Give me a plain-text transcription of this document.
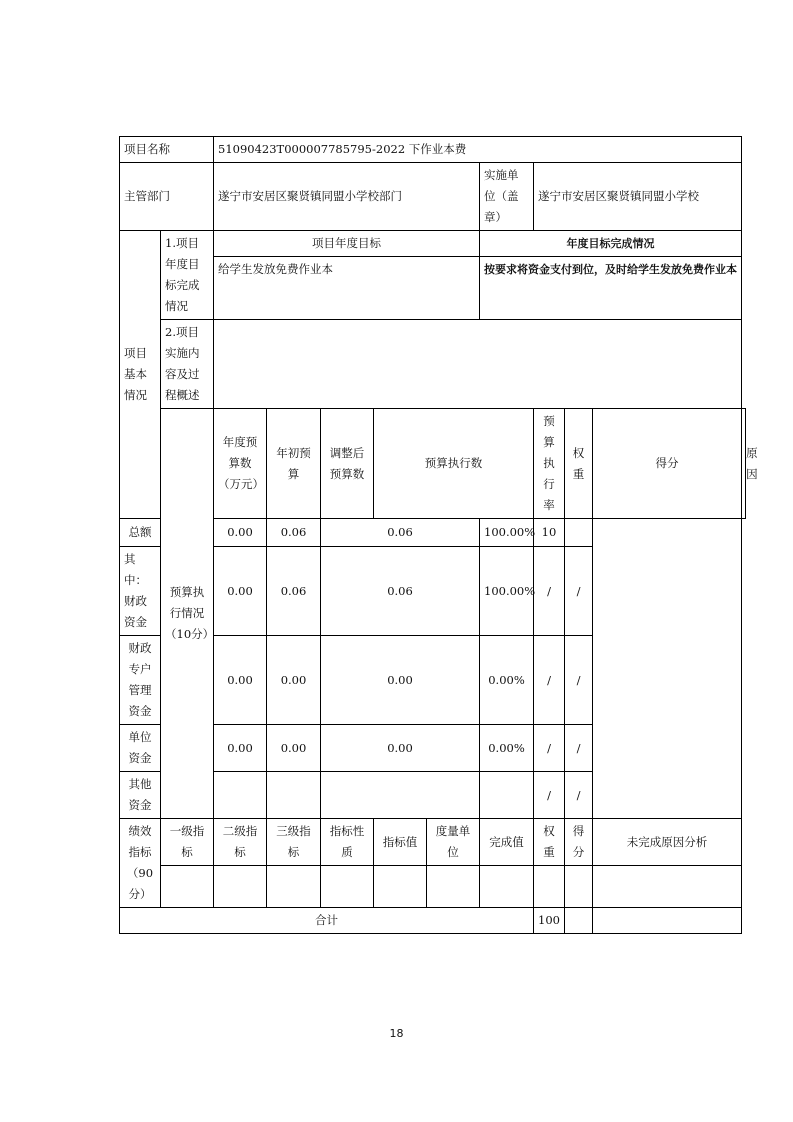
项目名称		51090423T000007785795-2022 下作业本费									
主管部门		遂宁市安居区聚贤镇同盟小学校部门					实施单位（盖章）	遂宁市安居区聚贤镇同盟小学校			
项目基本情况	1.项目年度目标完成情况	项目年度目标					年度目标完成情况				
		给学生发放免费作业本					按要求将资金支付到位，及时给学生发放免费作业本				
	2.项目实施内容及过程概述										
	预算执行情况（10分）	年度预算数（万元）	年初预算	调整后预算数	预算执行数			预算执行率	权重	得分	原因
总额		0.00	0.06	0.06			100.00%	10			
其中：财政资金		0.00	0.06	0.06			100.00%	/	/		
财政专户管理资金		0.00	0.00	0.00			0.00%	/	/		
单位资金		0.00	0.00	0.00			0.00%	/	/		
其他资金								/	/		
绩效指标（90分）	一级指标	二级指标	三级指标	指标性质	指标值	度量单位	完成值	权重	得分	未完成原因分析	

合计								100			
18
